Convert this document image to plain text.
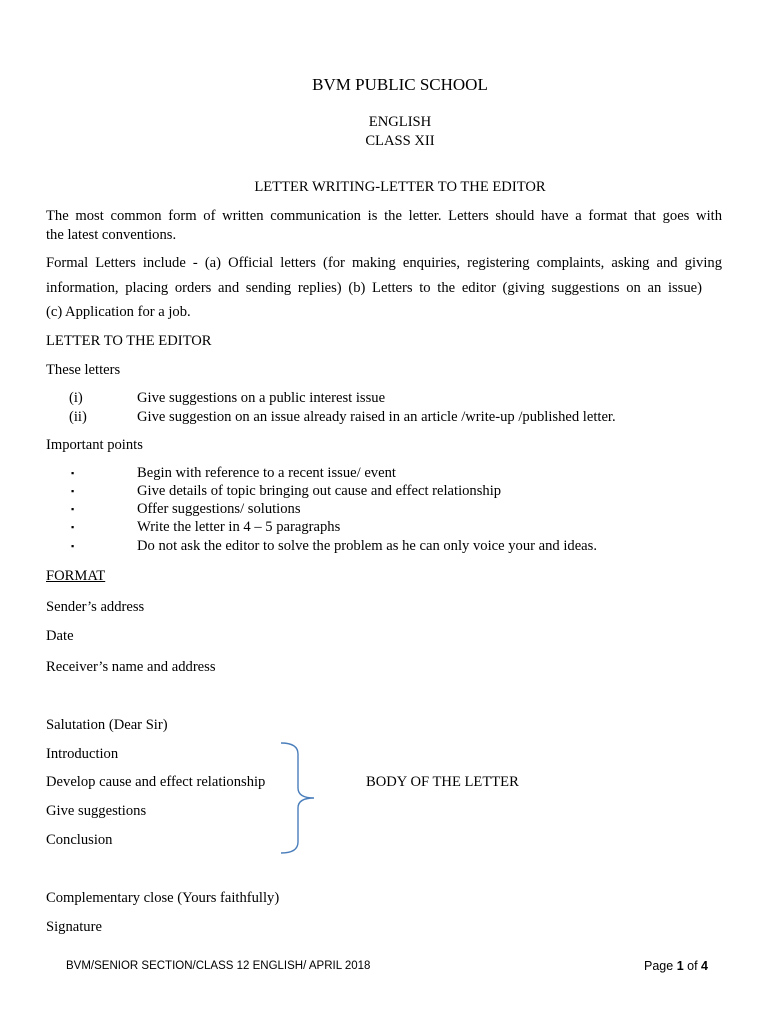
BVM PUBLIC SCHOOL
ENGLISH
CLASS XII
LETTER WRITING-LETTER TO THE EDITOR
The most common form of written communication is the letter. Letters should have a format that goes with
the latest conventions.
Formal Letters include - (a) Official letters (for making enquiries, registering complaints, asking and giving
information, placing orders and sending replies) (b) Letters to the editor (giving suggestions on an issue)
(c) Application for a job.
LETTER TO THE EDITOR
These letters
(i)	Give suggestions on a public interest issue
(ii)	Give suggestion on an issue already raised in an article /write-up /published letter.
Important points
▪	Begin with reference to a recent issue/ event
▪	Give details of topic bringing out cause and effect relationship
▪	Offer suggestions/ solutions
▪	Write the letter in 4 – 5 paragraphs
▪	Do not ask the editor to solve the problem as he can only voice your and ideas.
FORMAT
Sender’s address
Date
Receiver’s name and address
Salutation (Dear Sir)
Introduction
Develop cause and effect relationship
Give suggestions
Conclusion
BODY OF THE LETTER
Complementary close (Yours faithfully)
Signature
BVM/SENIOR SECTION/CLASS 12 ENGLISH/ APRIL 2018	Page 1 of 4
